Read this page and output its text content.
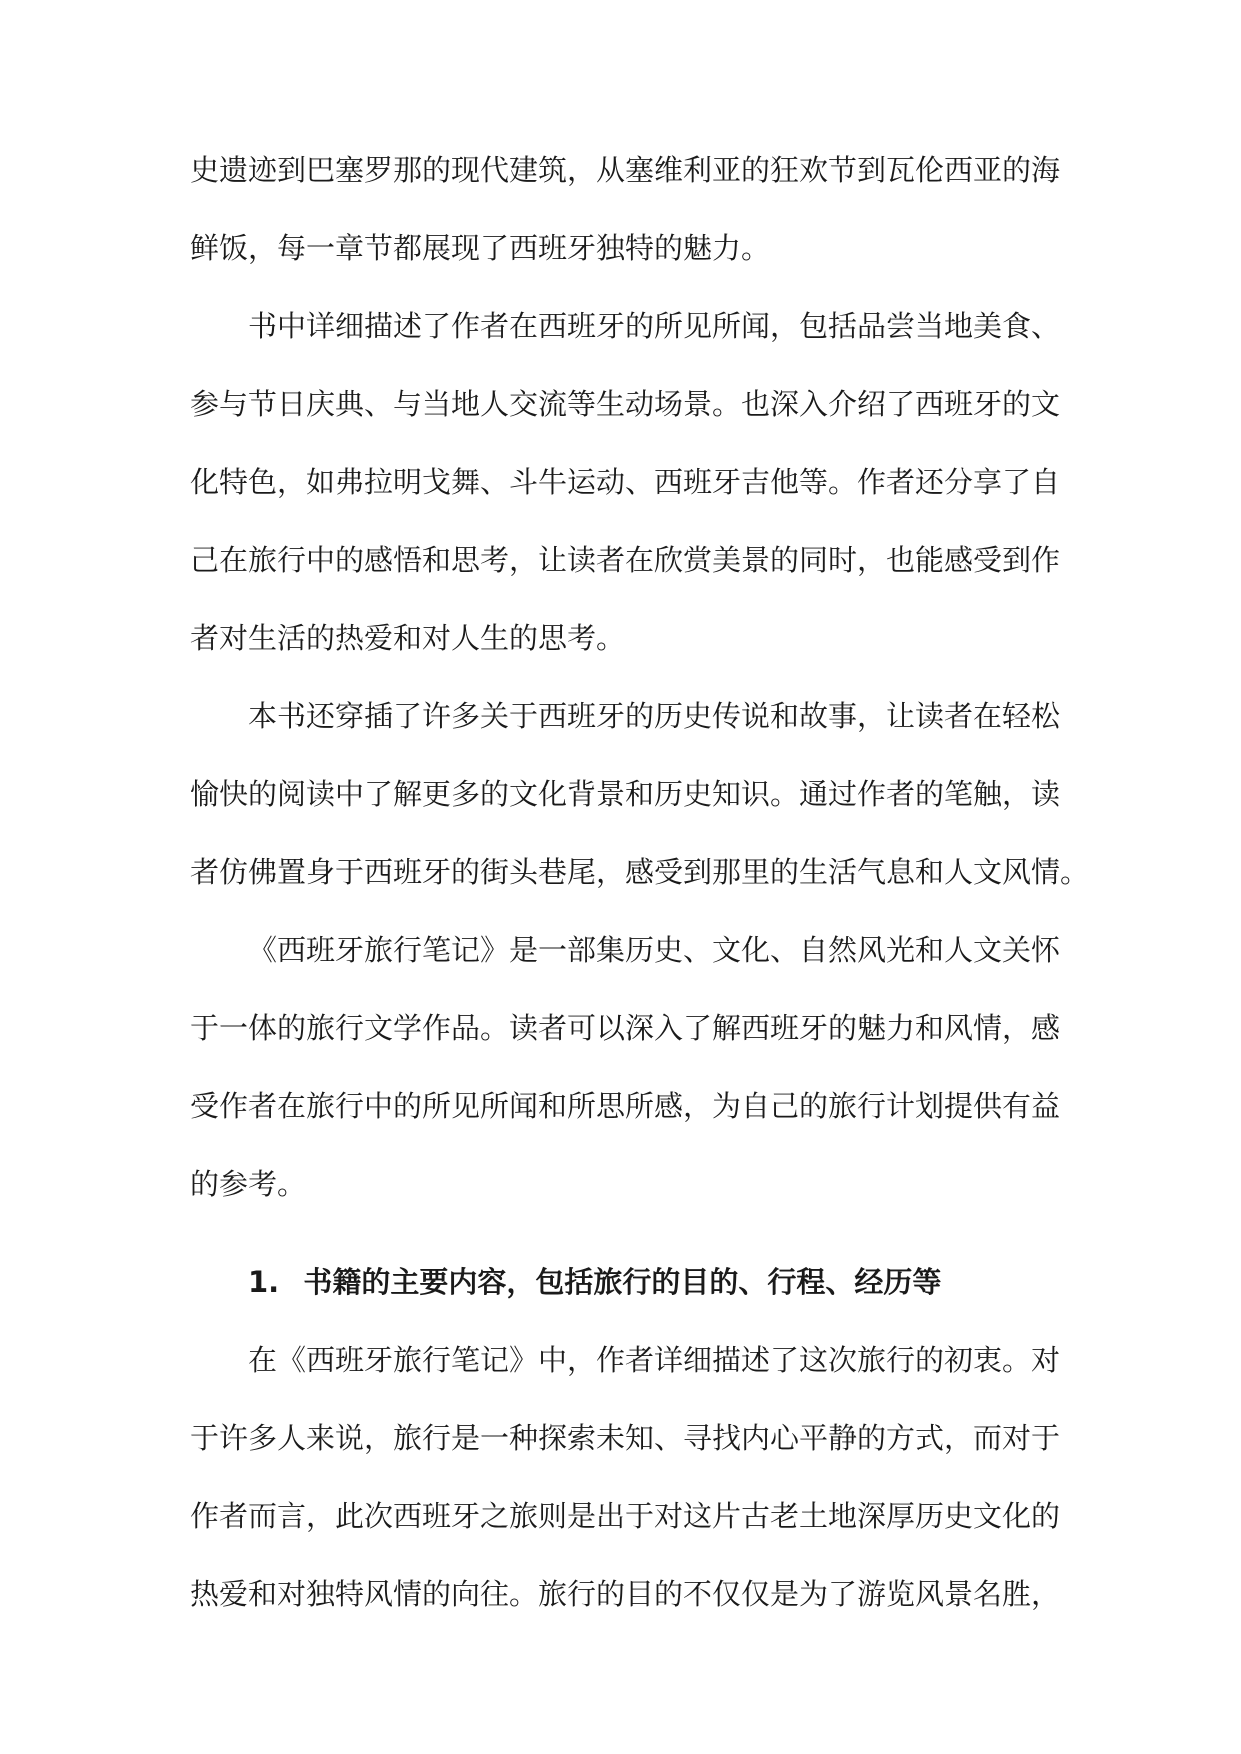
史遗迹到巴塞罗那的现代建筑，从塞维利亚的狂欢节到瓦伦西亚的海

鲜饭，每一章节都展现了西班牙独特的魅力。

书中详细描述了作者在西班牙的所见所闻，包括品尝当地美食、

参与节日庆典、与当地人交流等生动场景。也深入介绍了西班牙的文

化特色，如弗拉明戈舞、斗牛运动、西班牙吉他等。作者还分享了自

己在旅行中的感悟和思考，让读者在欣赏美景的同时，也能感受到作

者对生活的热爱和对人生的思考。

本书还穿插了许多关于西班牙的历史传说和故事，让读者在轻松

愉快的阅读中了解更多的文化背景和历史知识。通过作者的笔触，读

者仿佛置身于西班牙的街头巷尾，感受到那里的生活气息和人文风情。

《西班牙旅行笔记》是一部集历史、文化、自然风光和人文关怀

于一体的旅行文学作品。读者可以深入了解西班牙的魅力和风情，感

受作者在旅行中的所见所闻和所思所感，为自己的旅行计划提供有益

的参考。

1. 书籍的主要内容，包括旅行的目的、行程、经历等

在《西班牙旅行笔记》中，作者详细描述了这次旅行的初衷。对

于许多人来说，旅行是一种探索未知、寻找内心平静的方式，而对于

作者而言，此次西班牙之旅则是出于对这片古老土地深厚历史文化的

热爱和对独特风情的向往。旅行的目的不仅仅是为了游览风景名胜，
